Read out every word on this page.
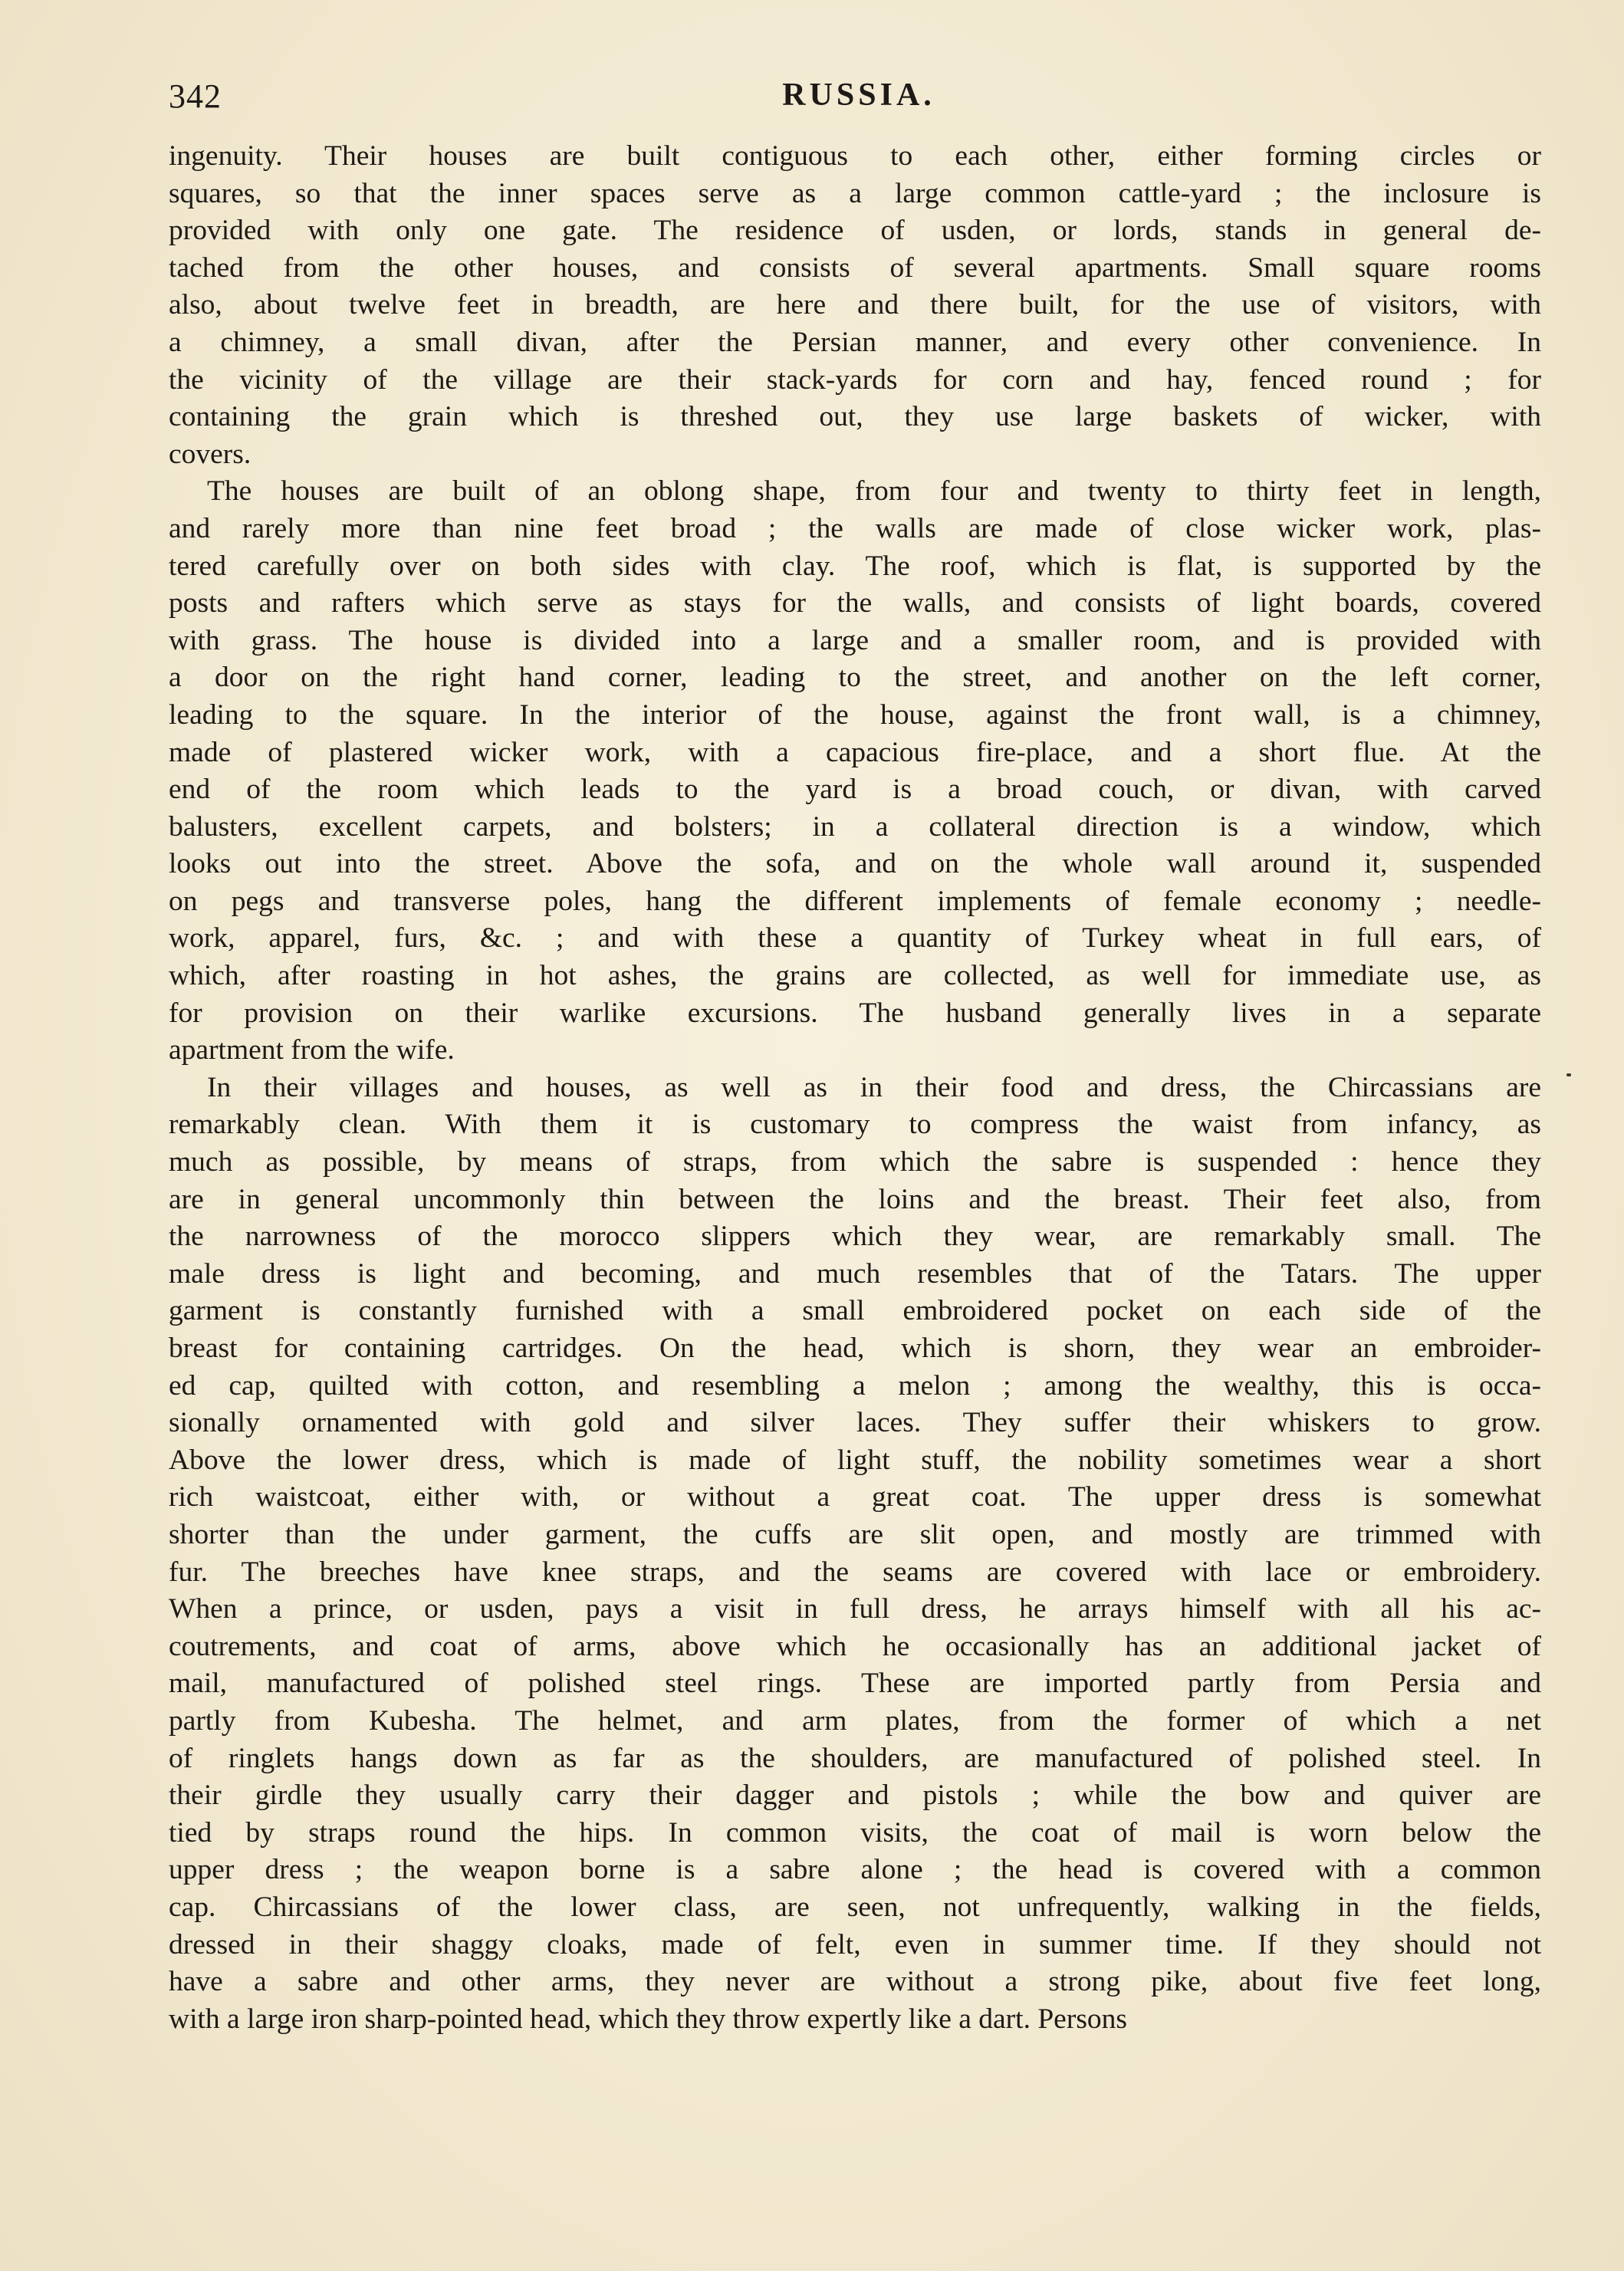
342	RUSSIA.
ingenuity. Their houses are built contiguous to each other, either forming circles or
squares, so that the inner spaces serve as a large common cattle-yard ; the inclosure is
provided with only one gate. The residence of usden, or lords, stands in general de-
tached from the other houses, and consists of several apartments. Small square rooms
also, about twelve feet in breadth, are here and there built, for the use of visitors, with
a chimney, a small divan, after the Persian manner, and every other convenience. In
the vicinity of the village are their stack-yards for corn and hay, fenced round ; for
containing the grain which is threshed out, they use large baskets of wicker, with
covers.
The houses are built of an oblong shape, from four and twenty to thirty feet in length,
and rarely more than nine feet broad ; the walls are made of close wicker work, plas-
tered carefully over on both sides with clay. The roof, which is flat, is supported by the
posts and rafters which serve as stays for the walls, and consists of light boards, covered
with grass. The house is divided into a large and a smaller room, and is provided with
a door on the right hand corner, leading to the street, and another on the left corner,
leading to the square. In the interior of the house, against the front wall, is a chimney,
made of plastered wicker work, with a capacious fire-place, and a short flue. At the
end of the room which leads to the yard is a broad couch, or divan, with carved
balusters, excellent carpets, and bolsters; in a collateral direction is a window, which
looks out into the street. Above the sofa, and on the whole wall around it, suspended
on pegs and transverse poles, hang the different implements of female economy ; needle-
work, apparel, furs, &c. ; and with these a quantity of Turkey wheat in full ears, of
which, after roasting in hot ashes, the grains are collected, as well for immediate use, as
for provision on their warlike excursions. The husband generally lives in a separate
apartment from the wife.
In their villages and houses, as well as in their food and dress, the Chircassians are
remarkably clean. With them it is customary to compress the waist from infancy, as
much as possible, by means of straps, from which the sabre is suspended : hence they
are in general uncommonly thin between the loins and the breast. Their feet also, from
the narrowness of the morocco slippers which they wear, are remarkably small. The
male dress is light and becoming, and much resembles that of the Tatars. The upper
garment is constantly furnished with a small embroidered pocket on each side of the
breast for containing cartridges. On the head, which is shorn, they wear an embroider-
ed cap, quilted with cotton, and resembling a melon ; among the wealthy, this is occa-
sionally ornamented with gold and silver laces. They suffer their whiskers to grow.
Above the lower dress, which is made of light stuff, the nobility sometimes wear a short
rich waistcoat, either with, or without a great coat. The upper dress is somewhat
shorter than the under garment, the cuffs are slit open, and mostly are trimmed with
fur. The breeches have knee straps, and the seams are covered with lace or embroidery.
When a prince, or usden, pays a visit in full dress, he arrays himself with all his ac-
coutrements, and coat of arms, above which he occasionally has an additional jacket of
mail, manufactured of polished steel rings. These are imported partly from Persia and
partly from Kubesha. The helmet, and arm plates, from the former of which a net
of ringlets hangs down as far as the shoulders, are manufactured of polished steel. In
their girdle they usually carry their dagger and pistols ; while the bow and quiver are
tied by straps round the hips. In common visits, the coat of mail is worn below the
upper dress ; the weapon borne is a sabre alone ; the head is covered with a common
cap. Chircassians of the lower class, are seen, not unfrequently, walking in the fields,
dressed in their shaggy cloaks, made of felt, even in summer time. If they should not
have a sabre and other arms, they never are without a strong pike, about five feet long,
with a large iron sharp-pointed head, which they throw expertly like a dart. Persons
